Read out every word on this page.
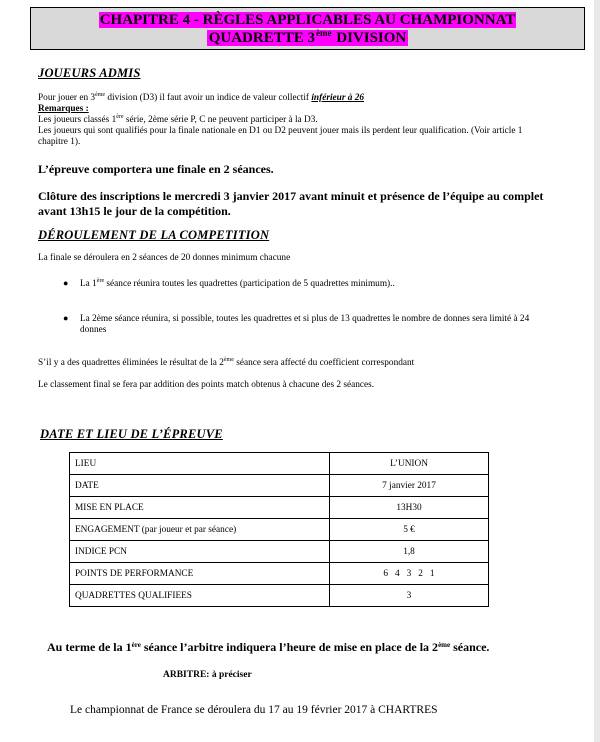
CHAPITRE 4 - RÈGLES APPLICABLES AU CHAMPIONNAT
QUADRETTE 3ème DIVISION
JOUEURS ADMIS
Pour jouer en 3ème division (D3) il faut avoir un indice de valeur collectif inférieur à 26
Remarques :
Les joueurs classés 1ère série, 2ème série P, C ne peuvent participer à la D3.
Les joueurs qui sont qualifiés pour la finale nationale en D1 ou D2 peuvent jouer mais ils perdent leur qualification. (Voir article 1
chapitre 1).
L’épreuve comportera une finale en 2 séances.
Clôture des inscriptions le mercredi 3 janvier 2017 avant minuit et présence de l’équipe au complet
avant 13h15 le jour de la compétition.
DÉROULEMENT DE LA COMPETITION
La finale se déroulera en 2 séances de 20 donnes minimum chacune
● La 1ère séance réunira toutes les quadrettes (participation de 5 quadrettes minimum)..
● La 2ème séance réunira, si possible, toutes les quadrettes et si plus de 13 quadrettes le nombre de donnes sera limité à 24
donnes
S’il y a des quadrettes éliminées le résultat de la 2ème séance sera affecté du coefficient correspondant
Le classement final se fera par addition des points match obtenus à chacune des 2 séances.
DATE ET LIEU DE L’ÉPREUVE
LIEU	L’UNION
DATE	7 janvier 2017
MISE EN PLACE	13H30
ENGAGEMENT (par joueur et par séance)	5 €
INDICE PCN	1,8
POINTS DE PERFORMANCE	6   4   3   2   1
QUADRETTES QUALIFIEES	3
Au terme de la 1ère séance l’arbitre indiquera l’heure de mise en place de la 2ème séance.
ARBITRE: à préciser
Le championnat de France se déroulera du 17 au 19 février 2017 à CHARTRES
